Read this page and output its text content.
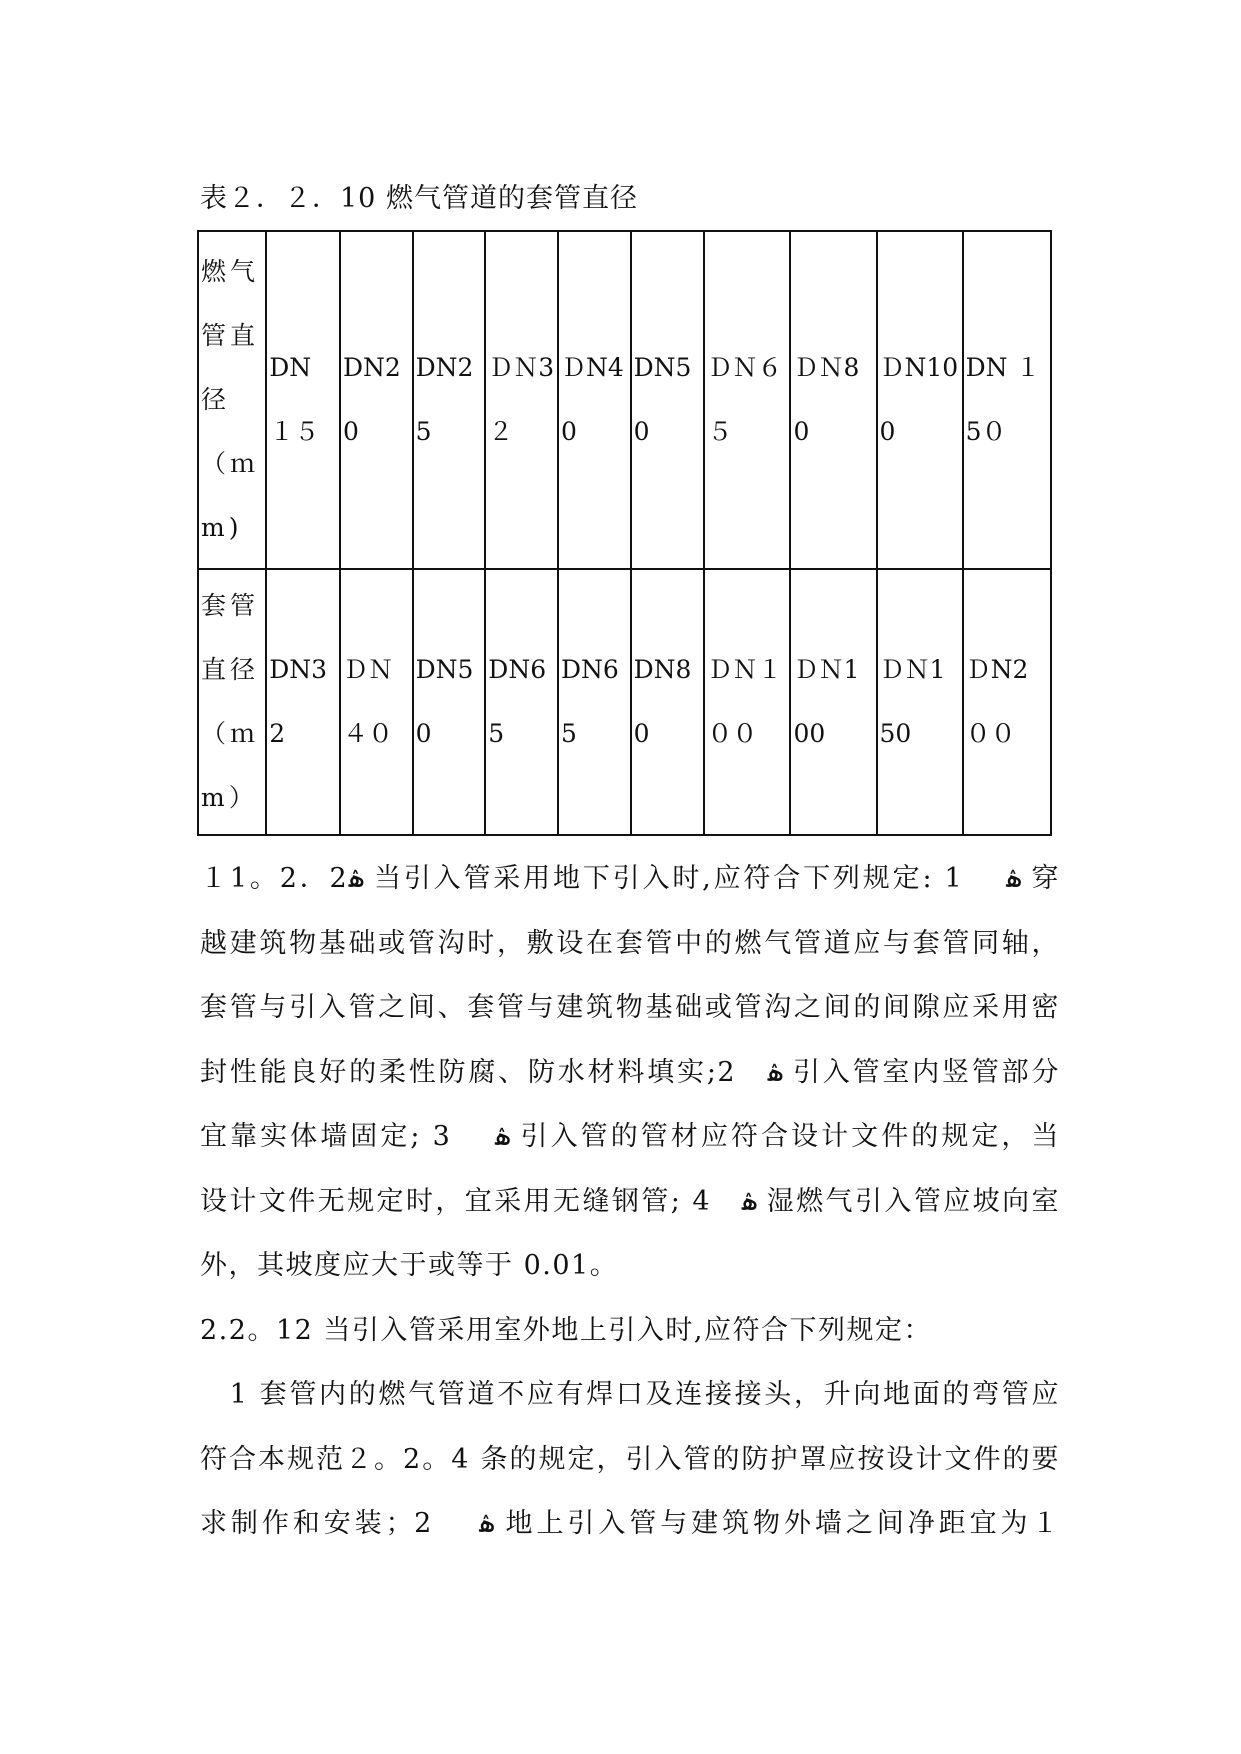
表２．２．10 燃气管道的套管直径
燃气管直径（ｍm)	DN １５	DN20	DN25	ＤＮ3２	ＤN40	DN50	ＤＮ６５	ＤＮ80	ＤN100	DN １5０
套管直径（ｍm）	DN32	ＤＮ４０	DN50	DN65	DN65	DN80	ＤＮ１００	ＤＮ100	ＤＮ150	ＤN2００

１1。2．2ۿ 当引入管采用地下引入时,应符合下列规定: 1　 ۿ 穿

越建筑物基础或管沟时，敷设在套管中的燃气管道应与套管同轴，

套管与引入管之间、套管与建筑物基础或管沟之间的间隙应采用密

封性能良好的柔性防腐、防水材料填实;2　ۿ 引入管室内竖管部分

宜靠实体墙固定; 3　 ۿ 引入管的管材应符合设计文件的规定，当

设计文件无规定时，宜采用无缝钢管; 4　ۿ 湿燃气引入管应坡向室

外，其坡度应大于或等于 0.01。

2.2。12 当引入管采用室外地上引入时,应符合下列规定：

　1 套管内的燃气管道不应有焊口及连接接头，升向地面的弯管应

符合本规范２。2。4 条的规定，引入管的防护罩应按设计文件的要

求制作和安装；2　 ۿ 地上引入管与建筑物外墙之间净距宜为１
